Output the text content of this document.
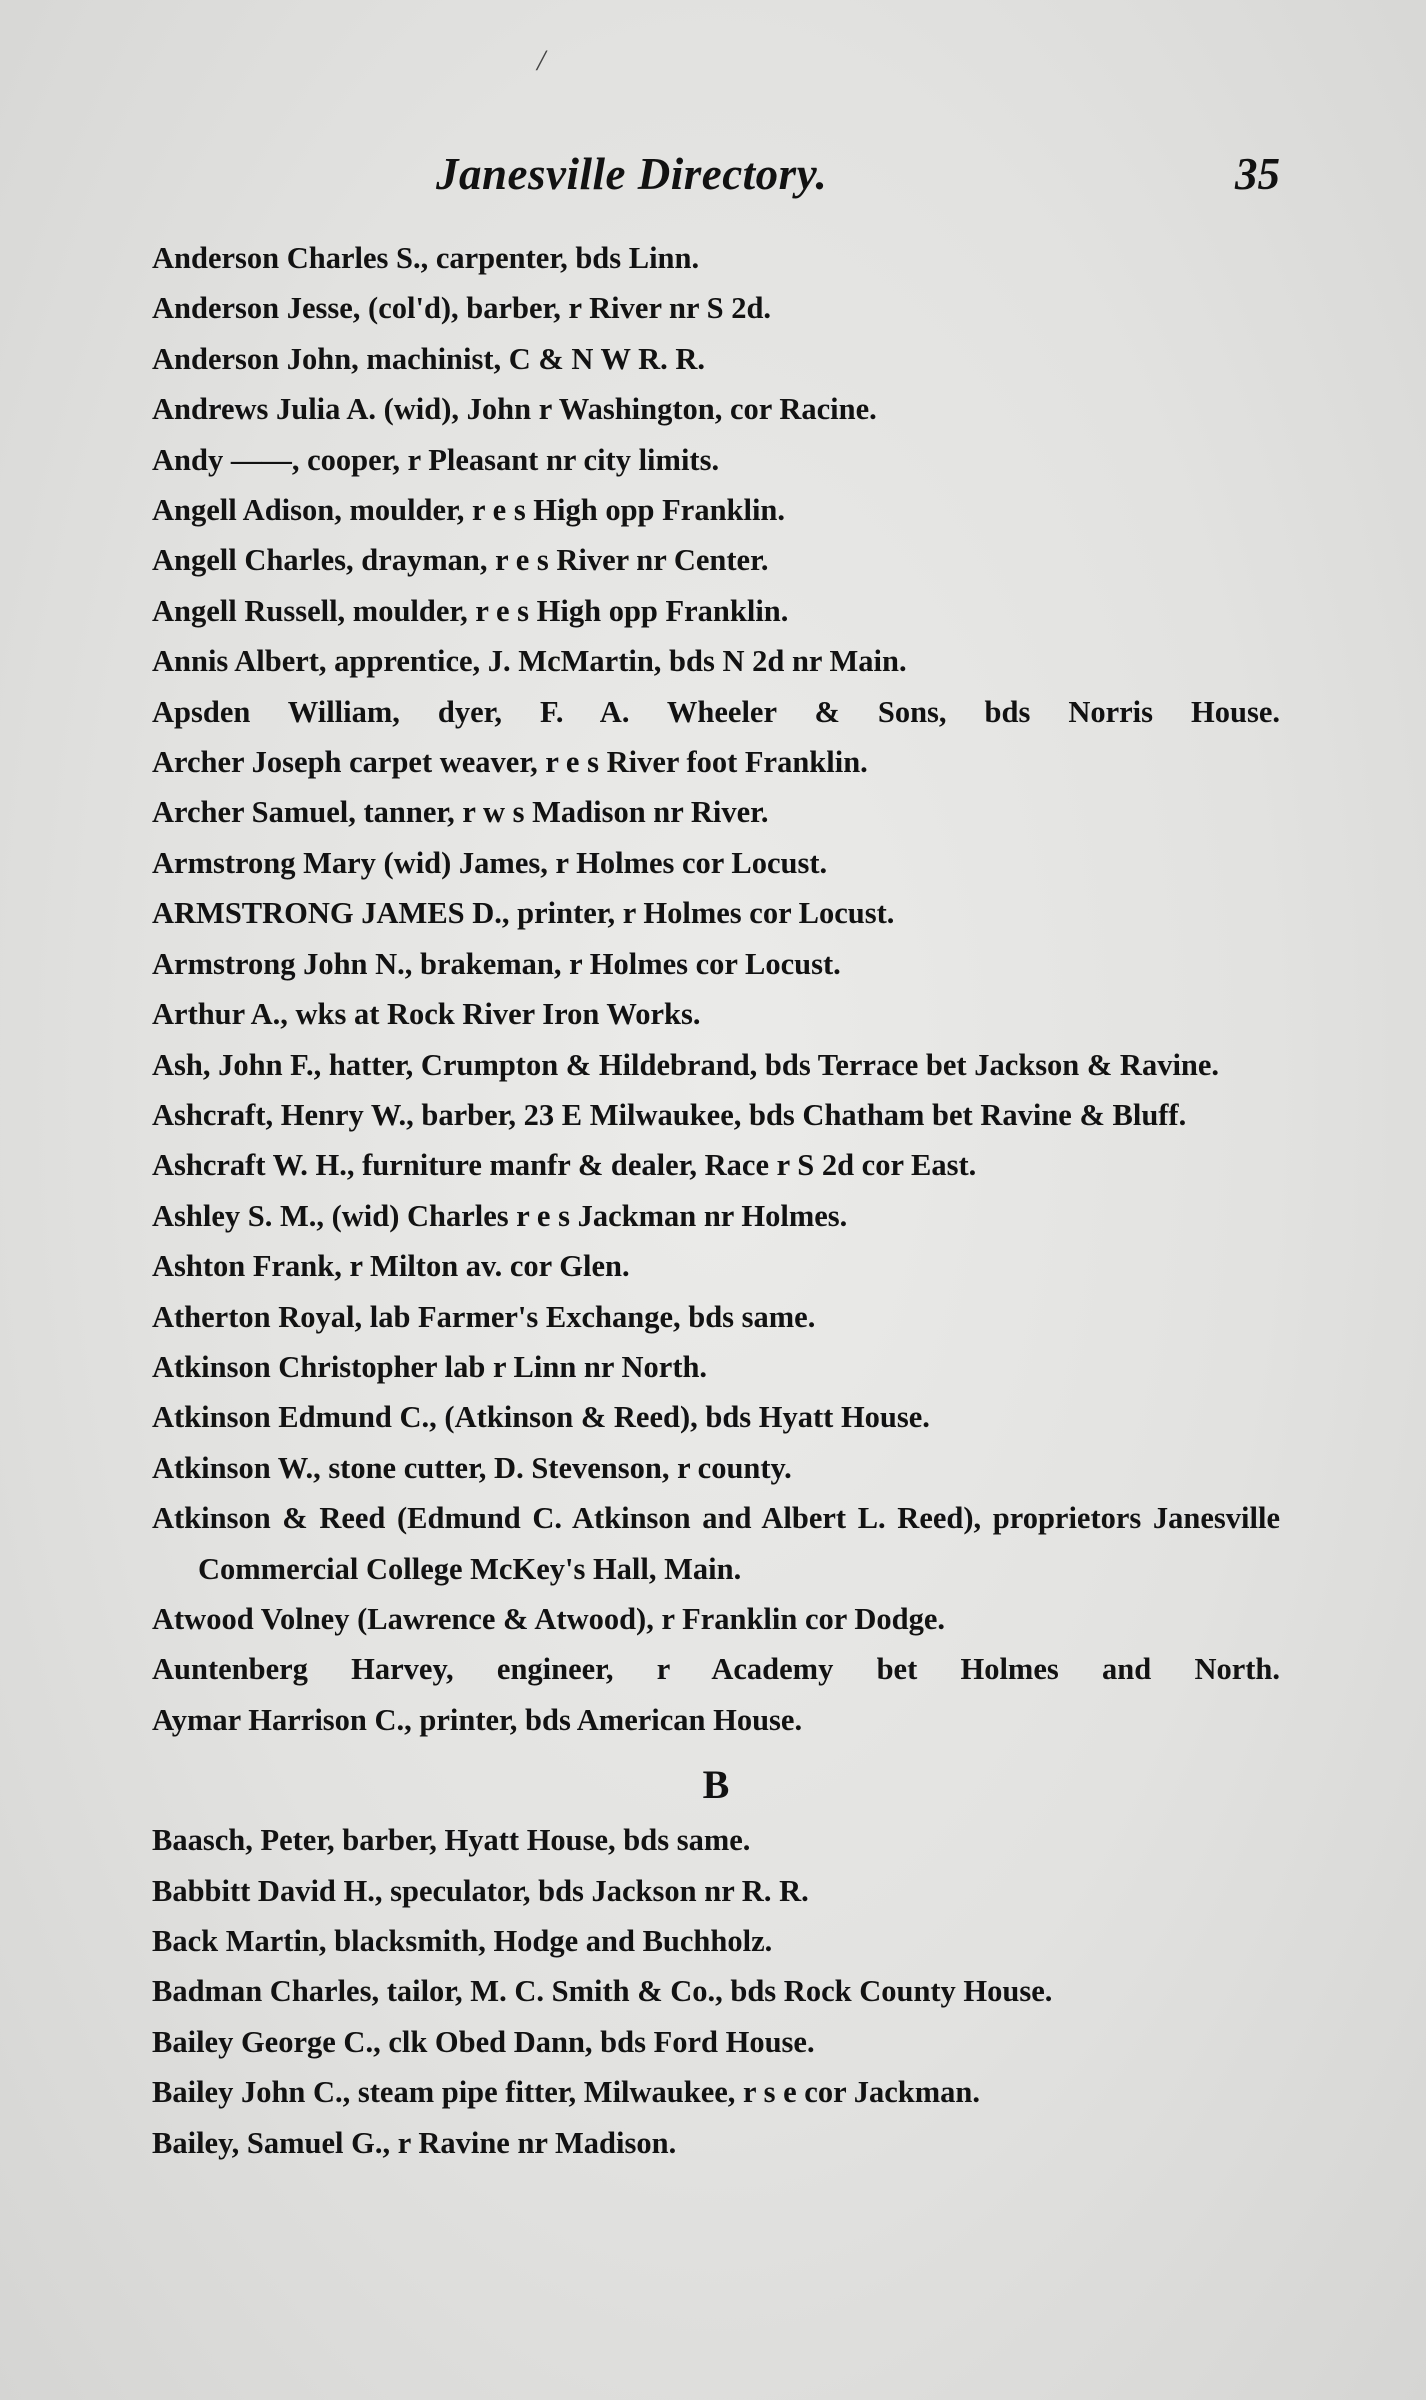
/
Janesville Directory.	35
Anderson Charles S., carpenter, bds Linn.
Anderson Jesse, (col'd), barber, r River nr S 2d.
Anderson John, machinist, C & N W R. R.
Andrews Julia A. (wid), John r Washington, cor Racine.
Andy ——, cooper, r Pleasant nr city limits.
Angell Adison, moulder, r e s High opp Franklin.
Angell Charles, drayman, r e s River nr Center.
Angell Russell, moulder, r e s High opp Franklin.
Annis Albert, apprentice, J. McMartin, bds N 2d nr Main.
Apsden William, dyer, F. A. Wheeler & Sons, bds Norris House.
Archer Joseph carpet weaver, r e s River foot Franklin.
Archer Samuel, tanner, r w s Madison nr River.
Armstrong Mary (wid) James, r Holmes cor Locust.
ARMSTRONG JAMES D., printer, r Holmes cor Locust.
Armstrong John N., brakeman, r Holmes cor Locust.
Arthur A., wks at Rock River Iron Works.
Ash, John F., hatter, Crumpton & Hildebrand, bds Terrace bet Jackson & Ravine.
Ashcraft, Henry W., barber, 23 E Milwaukee, bds Chatham bet Ravine & Bluff.
Ashcraft W. H., furniture manfr & dealer, Race r S 2d cor East.
Ashley S. M., (wid) Charles r e s Jackman nr Holmes.
Ashton Frank, r Milton av. cor Glen.
Atherton Royal, lab Farmer's Exchange, bds same.
Atkinson Christopher lab r Linn nr North.
Atkinson Edmund C., (Atkinson & Reed), bds Hyatt House.
Atkinson W., stone cutter, D. Stevenson, r county.
Atkinson & Reed (Edmund C. Atkinson and Albert L. Reed), proprietors Janesville Commercial College McKey's Hall, Main.
Atwood Volney (Lawrence & Atwood), r Franklin cor Dodge.
Auntenberg Harvey, engineer, r Academy bet Holmes and North.
Aymar Harrison C., printer, bds American House.
B
Baasch, Peter, barber, Hyatt House, bds same.
Babbitt David H., speculator, bds Jackson nr R. R.
Back Martin, blacksmith, Hodge and Buchholz.
Badman Charles, tailor, M. C. Smith & Co., bds Rock County House.
Bailey George C., clk Obed Dann, bds Ford House.
Bailey John C., steam pipe fitter, Milwaukee, r s e cor Jackman.
Bailey, Samuel G., r Ravine nr Madison.
